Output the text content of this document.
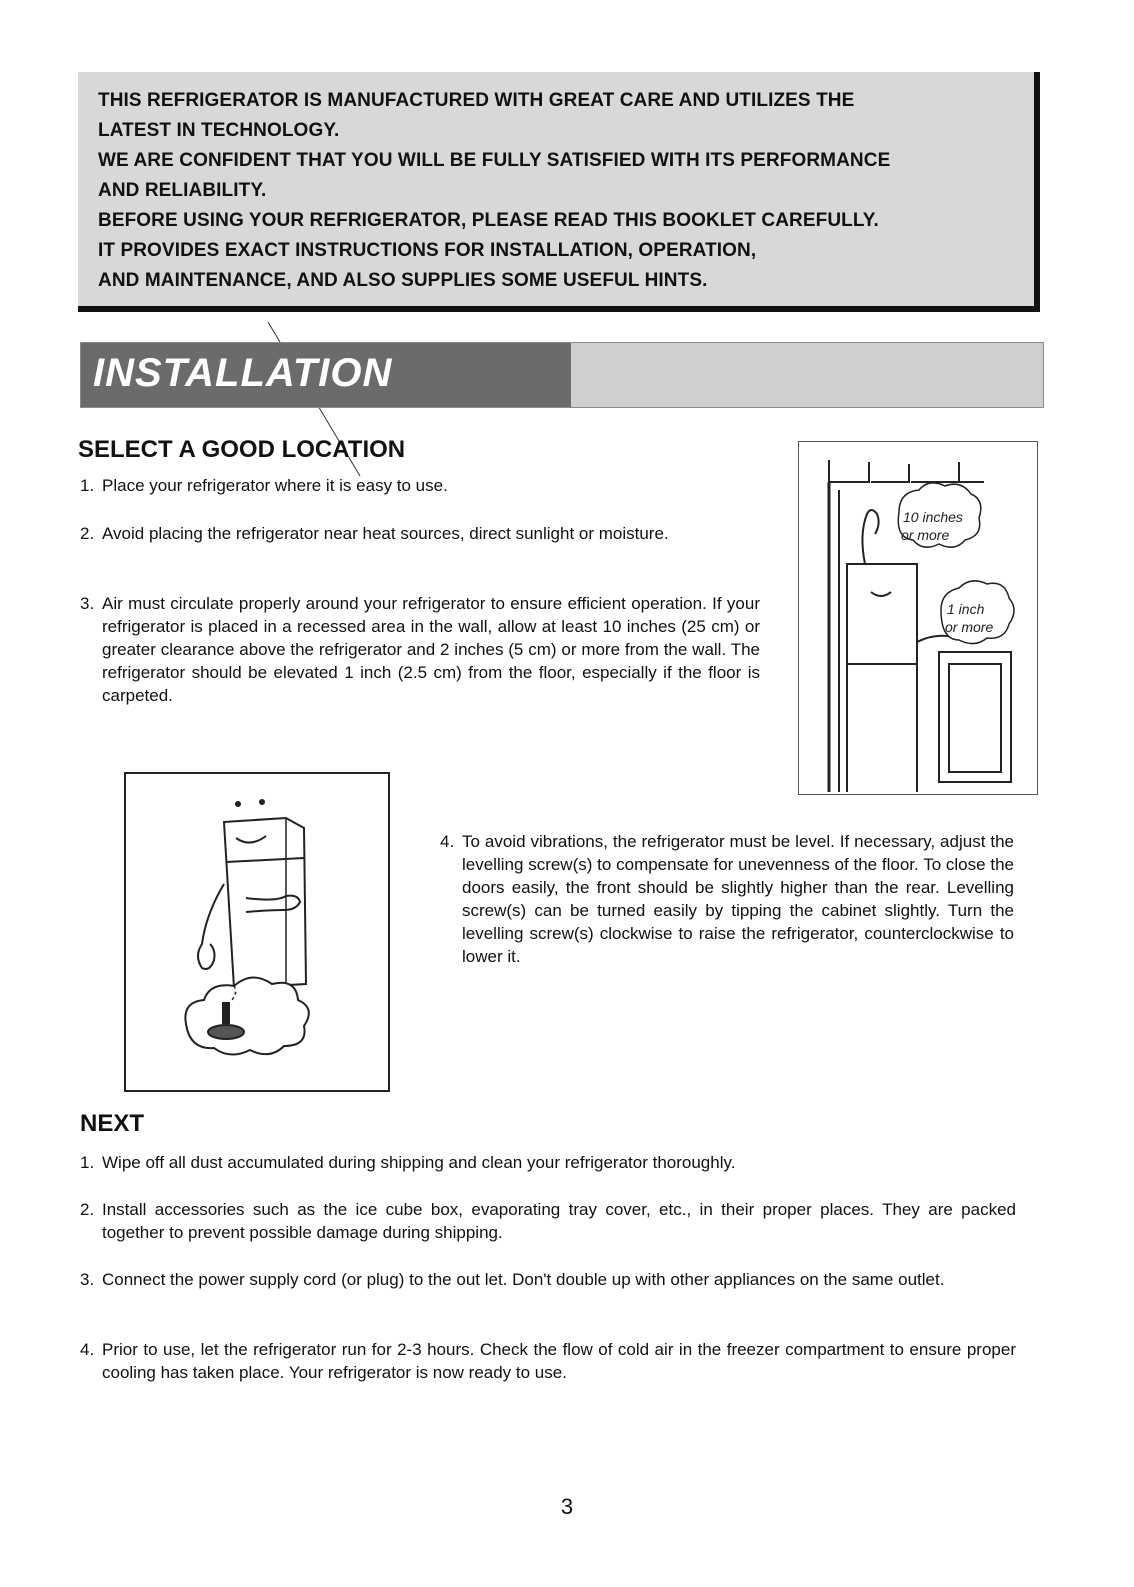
THIS REFRIGERATOR IS MANUFACTURED WITH GREAT CARE AND UTILIZES THE

LATEST IN TECHNOLOGY.

WE ARE CONFIDENT THAT YOU WILL BE FULLY SATISFIED WITH ITS PERFORMANCE

AND RELIABILITY.

BEFORE USING YOUR REFRIGERATOR, PLEASE READ THIS BOOKLET CAREFULLY.

IT PROVIDES EXACT INSTRUCTIONS FOR INSTALLATION, OPERATION,

AND MAINTENANCE, AND ALSO SUPPLIES SOME USEFUL HINTS.

INSTALLATION
SELECT A GOOD LOCATION
1. Place your refrigerator where it is easy to use.
2. Avoid placing the refrigerator near heat sources, direct sunlight or moisture.
3. Air must circulate properly around your refrigerator to ensure efficient operation. If your refrigerator is placed in a recessed area in the wall, allow at least 10 inches (25 cm) or greater clearance above the refrigerator and 2 inches (5 cm) or more from the wall. The refrigerator should be elevated 1 inch (2.5 cm) from the floor, especially if the floor is carpeted.
10 inches
or more
1 inch
or more
4. To avoid vibrations, the refrigerator must be level. If necessary, adjust the levelling screw(s) to compensate for unevenness of the floor. To close the doors easily, the front should be slightly higher than the rear. Levelling screw(s) can be turned easily by tipping the cabinet slightly. Turn the levelling screw(s) clockwise to raise the refrigerator, counterclockwise to lower it.
NEXT
1. Wipe off all dust accumulated during shipping and clean your refrigerator thoroughly.
2. Install accessories such as the ice cube box, evaporating tray cover, etc., in their proper places. They are packed together to prevent possible damage during shipping.
3. Connect the power supply cord (or plug) to the out let. Don't double up with other appliances on the same outlet.
4. Prior to use, let the refrigerator run for 2-3 hours. Check the flow of cold air in the freezer compartment to ensure proper cooling has taken place. Your refrigerator is now ready to use.
3
